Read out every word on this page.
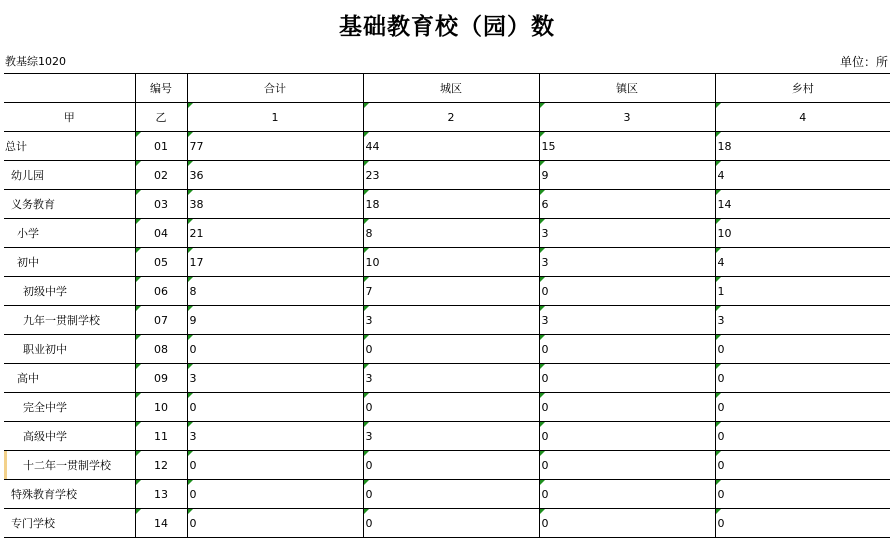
基础教育校（园）数
教基综1020	单位：所
	编号	合计	城区	镇区	乡村
甲	乙	1	2	3	4
总计	01	77	44	15	18
幼儿园	02	36	23	9	4
义务教育	03	38	18	6	14
小学	04	21	8	3	10
初中	05	17	10	3	4
初级中学	06	8	7	0	1
九年一贯制学校	07	9	3	3	3
职业初中	08	0	0	0	0
高中	09	3	3	0	0
完全中学	10	0	0	0	0
高级中学	11	3	3	0	0

十二年一贯制学校	12	0	0	0	0
特殊教育学校	13	0	0	0	0
专门学校	14	0	0	0	0
